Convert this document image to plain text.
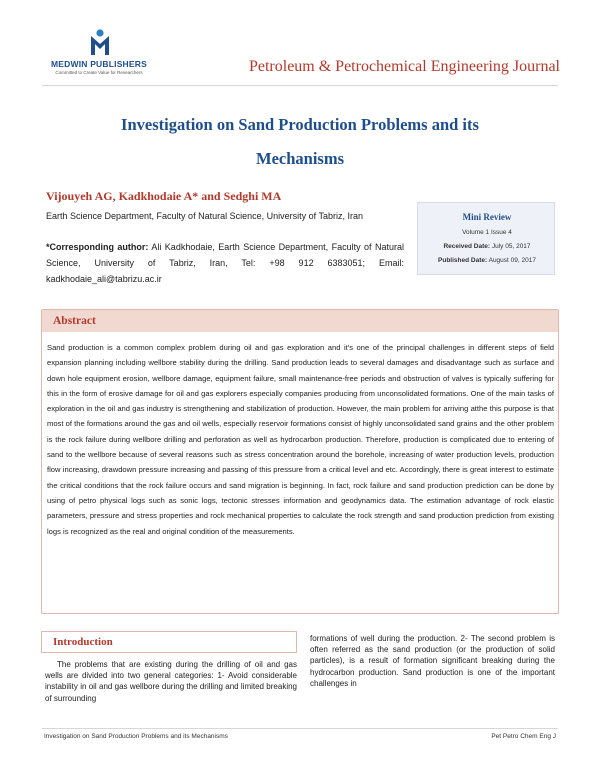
MEDWIN PUBLISHERS
Committed to Create Value for Researchers	Petroleum & Petrochemical Engineering Journal
Investigation on Sand Production Problems and its
Mechanisms
Vijouyeh AG, Kadkhodaie A* and Sedghi MA
Earth Science Department, Faculty of Natural Science, University of Tabriz, Iran
*Corresponding author: Ali Kadkhodaie, Earth Science Department, Faculty of Natural Science, University of Tabriz, Iran, Tel: +98 912 6383051; Email: kadkhodaie_ali@tabrizu.ac.ir
Mini Review
Volume 1 Issue 4
Received Date: July 05, 2017
Published Date: August 09, 2017
Abstract
Sand production is a common complex problem during oil and gas exploration and it's one of the principal challenges in different steps of field expansion planning including wellbore stability during the drilling. Sand production leads to several damages and disadvantage such as surface and down hole equipment erosion, wellbore damage, equipment failure, small maintenance-free periods and obstruction of valves is typically suffering for this in the form of erosive damage for oil and gas explorers especially companies producing from unconsolidated formations. One of the main tasks of exploration in the oil and gas industry is strengthening and stabilization of production. However, the main problem for arriving atthe this purpose is that most of the formations around the gas and oil wells, especially reservoir formations consist of highly unconsolidated sand grains and the other problem is the rock failure during wellbore drilling and perforation as well as hydrocarbon production. Therefore, production is complicated due to entering of sand to the wellbore because of several reasons such as stress concentration around the borehole, increasing of water production levels, production flow increasing, drawdown pressure increasing and passing of this pressure from a critical level and etc. Accordingly, there is great interest to estimate the critical conditions that the rock failure occurs and sand migration is beginning. In fact, rock failure and sand production prediction can be done by using of petro physical logs such as sonic logs, tectonic stresses information and geodynamics data. The estimation advantage of rock elastic parameters, pressure and stress properties and rock mechanical properties to calculate the rock strength and sand production prediction from existing logs is recognized as the real and original condition of the measurements.
Introduction
The problems that are existing during the drilling of oil and gas wells are divided into two general categories: 1- Avoid considerable instability in oil and gas wellbore during the drilling and limited breaking of surrounding
formations of well during the production. 2- The second problem is often referred as the sand production (or the production of solid particles), is a result of formation significant breaking during the hydrocarbon production. Sand production is one of the important challenges in
Investigation on Sand Production Problems and its Mechanisms	Pet Petro Chem Eng J
